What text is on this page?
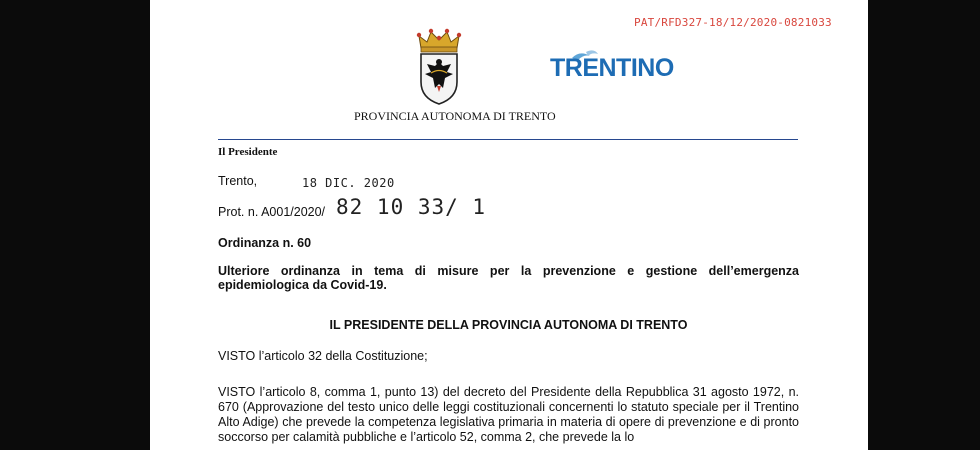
PAT/RFD327-18/12/2020-0821033
PROVINCIA AUTONOMA DI TRENTO
TRENTINO
Il Presidente
Trento,	18 DIC. 2020
Prot. n. A001/2020/ 82 10 33/ 1
Ordinanza n. 60
Ulteriore ordinanza in tema di misure per la prevenzione e gestione dell’emergenza epidemiologica da Covid-19.
IL PRESIDENTE DELLA PROVINCIA AUTONOMA DI TRENTO
VISTO l’articolo 32 della Costituzione;
VISTO l’articolo 8, comma 1, punto 13) del decreto del Presidente della Repubblica 31 agosto 1972, n. 670 (Approvazione del testo unico delle leggi costituzionali concernenti lo statuto speciale per il Trentino Alto Adige) che prevede la competenza legislativa primaria in materia di opere di prevenzione e di pronto soccorso per calamità pubbliche e l’articolo 52, comma 2, che prevede la lo
